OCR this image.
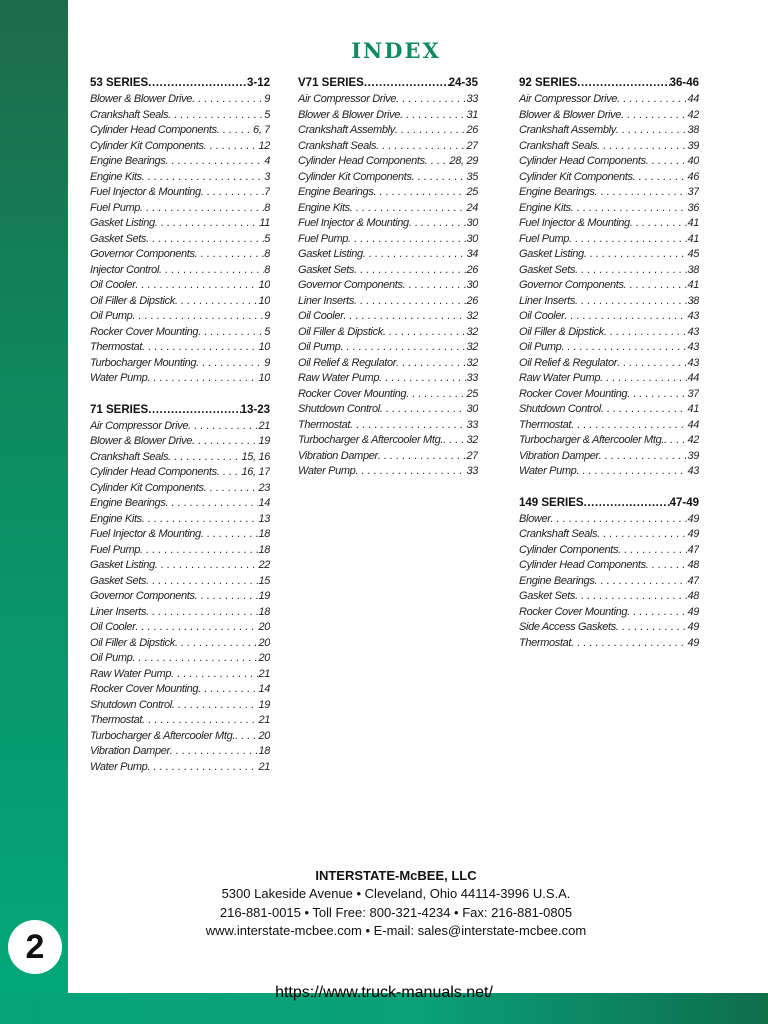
2
INDEX
53 SERIES .....	3-12
Blower & Blower Drive . . .	9
Crankshaft Seals . . .	5
Cylinder Head Components . . .	6, 7
Cylinder Kit Components . . .	12
Engine Bearings . . .	4
Engine Kits . . .	3
Fuel Injector & Mounting . . .	7
Fuel Pump . . .	8
Gasket Listing . . .	11
Gasket Sets . . .	5
Governor Components . . .	8
Injector Control . . .	8
Oil Cooler . . .	10
Oil Filler & Dipstick . . .	10
Oil Pump . . .	9
Rocker Cover Mounting . . .	5
Thermostat . . .	10
Turbocharger Mounting . . .	9
Water Pump . . .	10
71 SERIES .....	13-23
Air Compressor Drive . . .	21
Blower & Blower Drive . . .	19
Crankshaft Seals . . .	15, 16
Cylinder Head Components . . . 16, 17
Cylinder Kit Components . . .	23
Engine Bearings . . .	14
Engine Kits . . .	13
Fuel Injector & Mounting . . .	18
Fuel Pump . . .	18
Gasket Listing . . .	22
Gasket Sets . . .	15
Governor Components . . .	19
Liner Inserts . . .	18
Oil Cooler . . .	20
Oil Filler & Dipstick . . .	20
Oil Pump . . .	20
Raw Water Pump . . .	21
Rocker Cover Mounting . . .	14
Shutdown Control . . .	19
Thermostat . . .	21
Turbocharger & Aftercooler Mtg. . . . 20
Vibration Damper . . .	18
Water Pump . . .	21
V71 SERIES .....	24-35
Air Compressor Drive . . .	33
Blower & Blower Drive . . .	31
Crankshaft Assembly . . .	26
Crankshaft Seals . . .	27
Cylinder Head Components . . . 28, 29
Cylinder Kit Components . . .	35
Engine Bearings . . .	25
Engine Kits . . .	24
Fuel Injector & Mounting . . .	30
Fuel Pump . . .	30
Gasket Listing . . .	34
Gasket Sets . . .	26
Governor Components . . .	30
Liner Inserts . . .	26
Oil Cooler . . .	32
Oil Filler & Dipstick . . .	32
Oil Pump . . .	32
Oil Relief & Regulator . . .	32
Raw Water Pump . . .	33
Rocker Cover Mounting . . .	25
Shutdown Control . . .	30
Thermostat . . .	33
Turbocharger & Aftercooler Mtg. . . . 32
Vibration Damper . . .	27
Water Pump . . .	33
92 SERIES .....	36-46
Air Compressor Drive . . .	44
Blower & Blower Drive . . .	42
Crankshaft Assembly . . .	38
Crankshaft Seals . . .	39
Cylinder Head Components . . .	40
Cylinder Kit Components . . .	46
Engine Bearings . . .	37
Engine Kits . . .	36
Fuel Injector & Mounting . . .	41
Fuel Pump . . .	41
Gasket Listing . . .	45
Gasket Sets . . .	38
Governor Components . . .	41
Liner Inserts . . .	38
Oil Cooler . . .	43
Oil Filler & Dipstick . . .	43
Oil Pump . . .	43
Oil Relief & Regulator . . .	43
Raw Water Pump . . .	44
Rocker Cover Mounting . . .	37
Shutdown Control . . .	41
Thermostat . . .	44
Turbocharger & Aftercooler Mtg. . . . 42
Vibration Damper . . .	39
Water Pump . . .	43
149 SERIES .....	47-49
Blower . . .	49
Crankshaft Seals . . .	49
Cylinder Components . . .	47
Cylinder Head Components . . .	48
Engine Bearings . . .	47
Gasket Sets . . .	48
Rocker Cover Mounting . . .	49
Side Access Gaskets . . .	49
Thermostat . . .	49
INTERSTATE-McBEE, LLC
5300 Lakeside Avenue • Cleveland, Ohio 44114-3996 U.S.A.
216-881-0015 • Toll Free: 800-321-4234 • Fax: 216-881-0805
www.interstate-mcbee.com • E-mail: sales@interstate-mcbee.com
https://www.truck-manuals.net/
